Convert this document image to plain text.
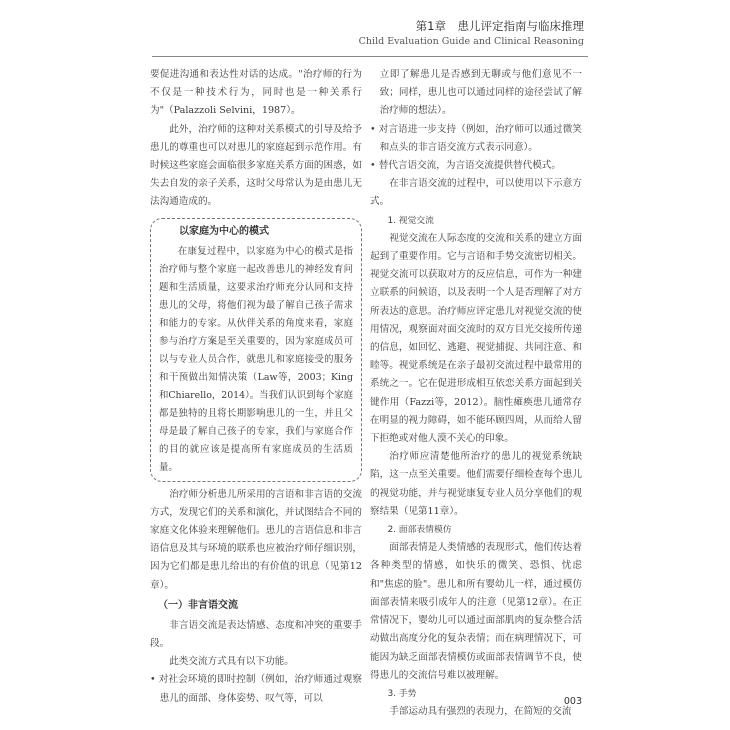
第1章　患儿评定指南与临床推理
Child Evaluation Guide and Clinical Reasoning

要促进沟通和表达性对话的达成。"治疗师的行为不仅是一种技术行为，同时也是一种关系行为"（Palazzoli Selvini，1987）。

此外，治疗师的这种对关系模式的引导及给予患儿的尊重也可以对患儿的家庭起到示范作用。有时候这些家庭会面临很多家庭关系方面的困惑，如失去自发的亲子关系，这时父母常认为是由患儿无法沟通造成的。

以家庭为中心的模式

在康复过程中，以家庭为中心的模式是指治疗师与整个家庭一起改善患儿的神经发育问题和生活质量，这要求治疗师充分认同和支持患儿的父母，将他们视为最了解自己孩子需求和能力的专家。从伙伴关系的角度来看，家庭参与治疗方案是至关重要的，因为家庭成员可以与专业人员合作，就患儿和家庭接受的服务和干预做出知情决策（Law等，2003；King和Chiarello，2014）。当我们认识到每个家庭都是独特的且将长期影响患儿的一生，并且父母是最了解自己孩子的专家，我们与家庭合作的目的就应该是提高所有家庭成员的生活质量。

治疗师分析患儿所采用的言语和非言语的交流方式，发现它们的关系和演化，并试图结合不同的家庭文化体验来理解他们。患儿的言语信息和非言语信息及其与环境的联系也应被治疗师仔细识别，因为它们都是患儿给出的有价值的讯息（见第12章）。

（一）非言语交流

非言语交流是表达情感、态度和冲突的重要手段。

此类交流方式具有以下功能。

• 对社会环境的即时控制（例如，治疗师通过观察患儿的面部、身体姿势、叹气等，可以

立即了解患儿是否感到无聊或与他们意见不一致；同样，患儿也可以通过同样的途径尝试了解治疗师的想法）。

• 对言语进一步支持（例如，治疗师可以通过微笑和点头的非言语交流方式表示同意）。

• 替代言语交流，为言语交流提供替代模式。

在非言语交流的过程中，可以使用以下示意方式。

1. 视觉交流

视觉交流在人际态度的交流和关系的建立方面起到了重要作用。它与言语和手势交流密切相关。视觉交流可以获取对方的反应信息，可作为一种建立联系的问候语，以及表明一个人是否理解了对方所表达的意思。治疗师应评定患儿对视觉交流的使用情况，观察面对面交流时的双方目光交接所传递的信息，如回忆、逃避、视觉捕捉、共同注意、和睦等。视觉系统是在亲子最初交流过程中最常用的系统之一。它在促进形成相互依恋关系方面起到关键作用（Fazzi等，2012）。脑性瘫痪患儿通常存在明显的视力障碍，如不能环顾四周，从而给人留下拒绝或对他人漠不关心的印象。

治疗师应清楚他所治疗的患儿的视觉系统缺陷，这一点至关重要。他们需要仔细检查每个患儿的视觉功能，并与视觉康复专业人员分享他们的观察结果（见第11章）。

2. 面部表情模仿

面部表情是人类情感的表现形式，他们传达着各种类型的情感，如快乐的微笑、恐惧、忧虑和"焦虑的脸"。患儿和所有婴幼儿一样，通过模仿面部表情来吸引成年人的注意（见第12章）。在正常情况下，婴幼儿可以通过面部肌肉的复杂整合活动做出高度分化的复杂表情；而在病理情况下，可能因为缺乏面部表情模仿或面部表情调节不良，使得患儿的交流信号难以被理解。

3. 手势

手部运动具有强烈的表现力，在简短的交流

003
